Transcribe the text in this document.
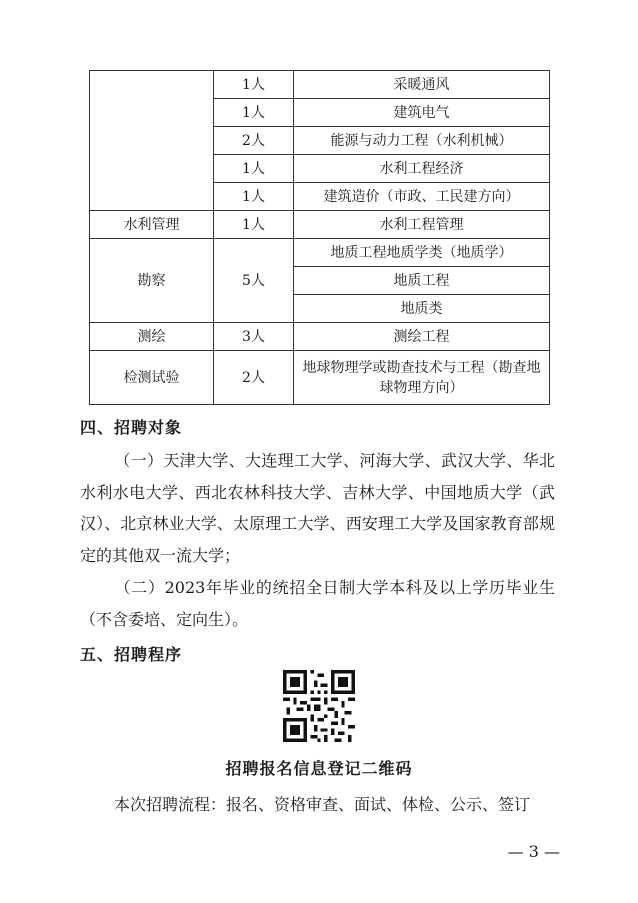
	1人	采暖通风
	1人	建筑电气
	2人	能源与动力工程（水利机械）
	1人	水利工程经济
	1人	建筑造价（市政、工民建方向）
水利管理	1人	水利工程管理
勘察	5人	地质工程地质学类（地质学）
		地质工程
		地质类
测绘	3人	测绘工程
检测试验	2人	地球物理学或勘查技术与工程（勘查地球物理方向）
四、招聘对象
（一）天津大学、大连理工大学、河海大学、武汉大学、华北水利水电大学、西北农林科技大学、吉林大学、中国地质大学（武汉）、北京林业大学、太原理工大学、西安理工大学及国家教育部规定的其他双一流大学；
（二）2023年毕业的统招全日制大学本科及以上学历毕业生（不含委培、定向生）。
五、招聘程序
招聘报名信息登记二维码
本次招聘流程：报名、资格审查、面试、体检、公示、签订
— 3 —
